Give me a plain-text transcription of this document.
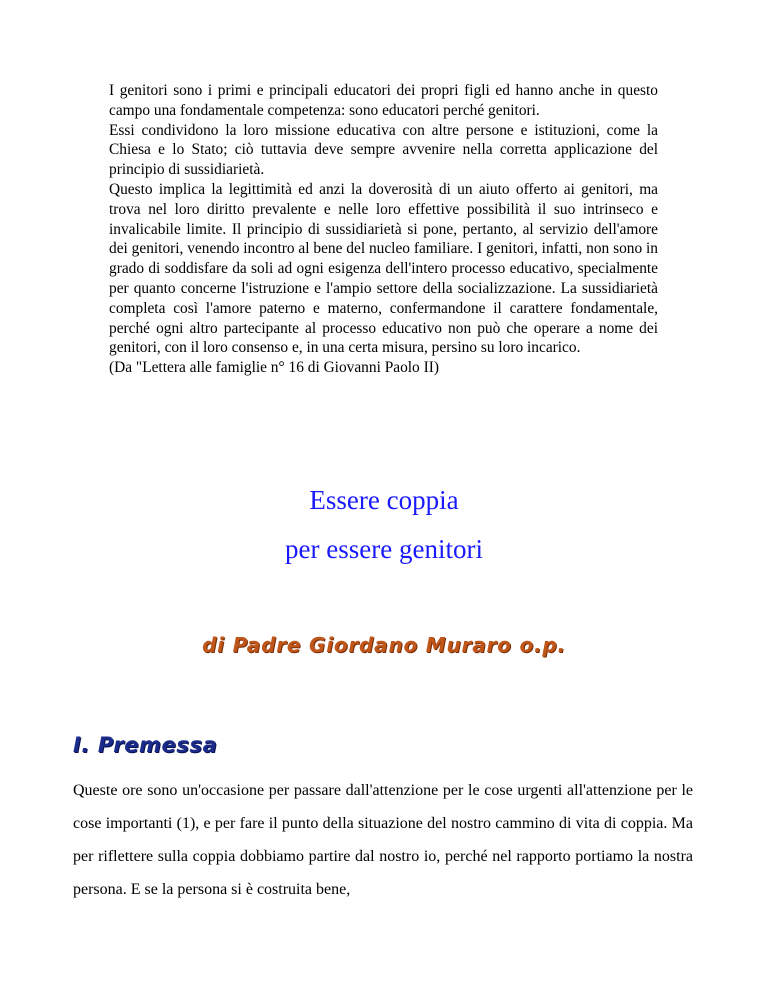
I genitori sono i primi e principali educatori dei propri figli ed hanno anche in questo campo una fondamentale competenza: sono educatori perché genitori.

Essi condividono la loro missione educativa con altre persone e istituzioni, come la Chiesa e lo Stato; ciò tuttavia deve sempre avvenire nella corretta applicazione del principio di sussidiarietà.

Questo implica la legittimità ed anzi la doverosità di un aiuto offerto ai genitori, ma trova nel loro diritto prevalente e nelle loro effettive possibilità il suo intrinseco e invalicabile limite. Il principio di sussidiarietà si pone, pertanto, al servizio dell'amore dei genitori, venendo incontro al bene del nucleo familiare. I genitori, infatti, non sono in grado di soddisfare da soli ad ogni esigenza dell'intero processo educativo, specialmente per quanto concerne l'istruzione e l'ampio settore della socializzazione. La sussidiarietà completa così l'amore paterno e materno, confermandone il carattere fondamentale, perché ogni altro partecipante al processo educativo non può che operare a nome dei genitori, con il loro consenso e, in una certa misura, persino su loro incarico.

(Da "Lettera alle famiglie n° 16 di Giovanni Paolo II)

Essere coppia
per essere genitori
di Padre Giordano Muraro o.p.
I. Premessa

Queste ore sono un'occasione per passare dall'attenzione per le cose urgenti all'attenzione per le cose importanti (1), e per fare il punto della situazione del nostro cammino di vita di coppia. Ma per riflettere sulla coppia dobbiamo partire dal nostro io, perché nel rapporto portiamo la nostra persona. E se la persona si è costruita bene,
